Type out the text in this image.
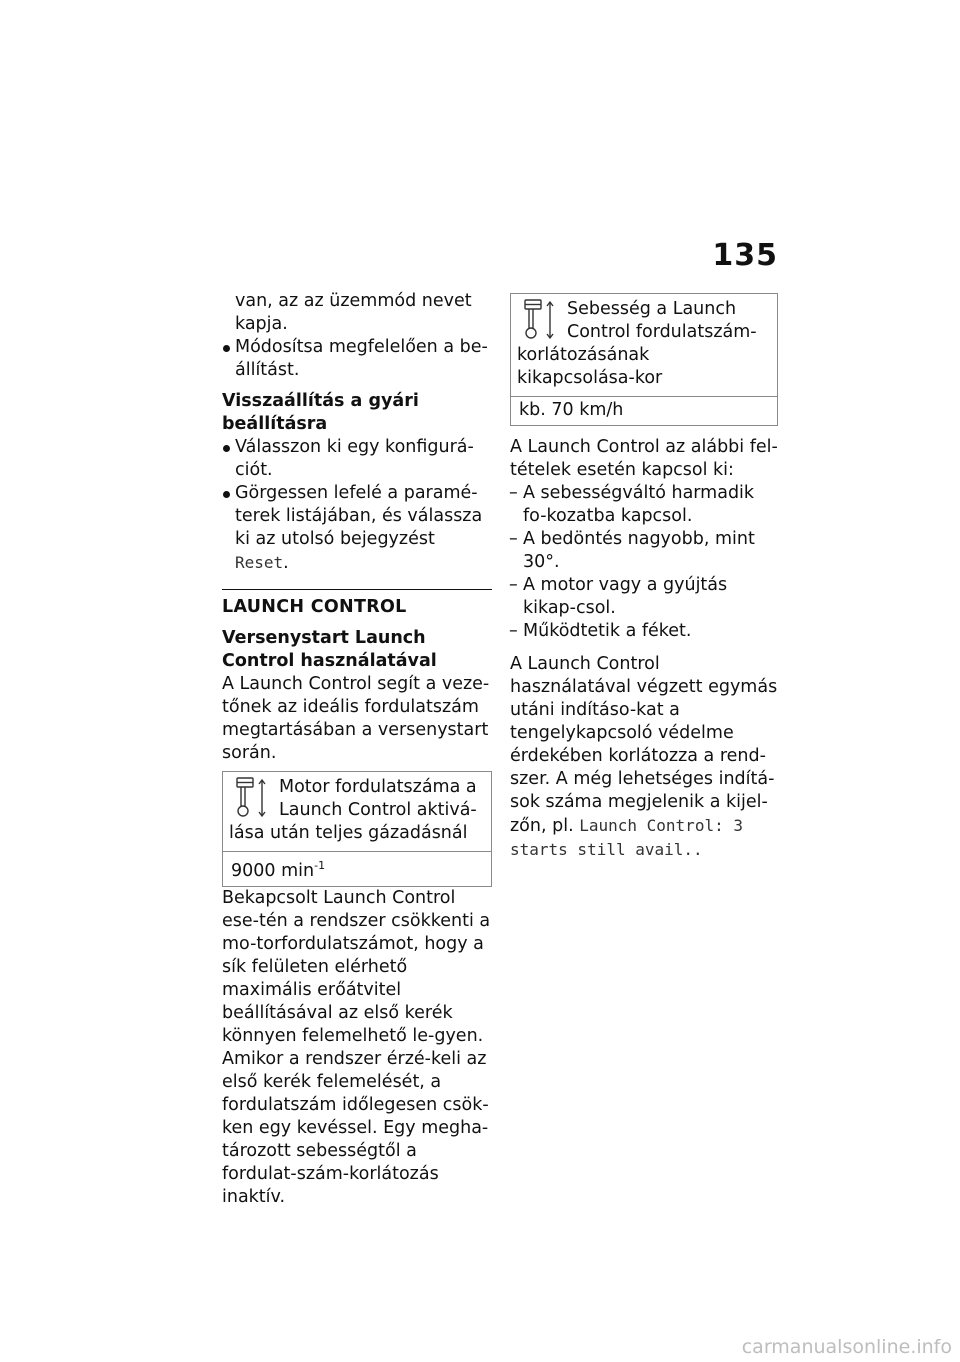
135

van, az az üzemmód nevet

kapja.

Módosítsa megfelelően a be-állítást.

Visszaállítás a gyári beállításra

Válasszon ki egy konfigurá-ciót.

Görgessen lefelé a paramé-terek listájában, és válassza ki az utolsó bejegyzést Reset.

LAUNCH CONTROL

Versenystart Launch Control használatával

A Launch Control segít a veze-tőnek az ideális fordulatszám megtartásában a versenystart során.

Motor fordulatszáma a Launch Control aktivá-lása után teljes gázadásnál
9000 $\min^{-1}$

Bekapcsolt Launch Control ese-tén a rendszer csökkenti a mo-torfordulatszámot, hogy a sík felületen elérhető maximális erőátvitel beállításával az első kerék könnyen felemelhető le-gyen. Amikor a rendszer érzé-keli az első kerék felemelését, a fordulatszám időlegesen csök-ken egy kevéssel. Egy megha-tározott sebességtől a fordulat-szám-korlátozás inaktív.

Sebesség a Launch Control fordulatszám-korlátozásának kikapcsolása-kor
kb. 70 km/h

A Launch Control az alábbi fel-tételek esetén kapcsol ki:

– A sebességváltó harmadik fo-kozatba kapcsol.

– A bedöntés nagyobb, mint 30°.

– A motor vagy a gyújtás kikap-csol.

– Működtetik a féket.

A Launch Control használatával végzett egymás utáni indításo-kat a tengelykapcsoló védelme érdekében korlátozza a rend-szer. A még lehetséges indítá-sok száma megjelenik a kijel-zőn, pl. Launch Control: 3 starts still avail..

carmanualsonline.info
